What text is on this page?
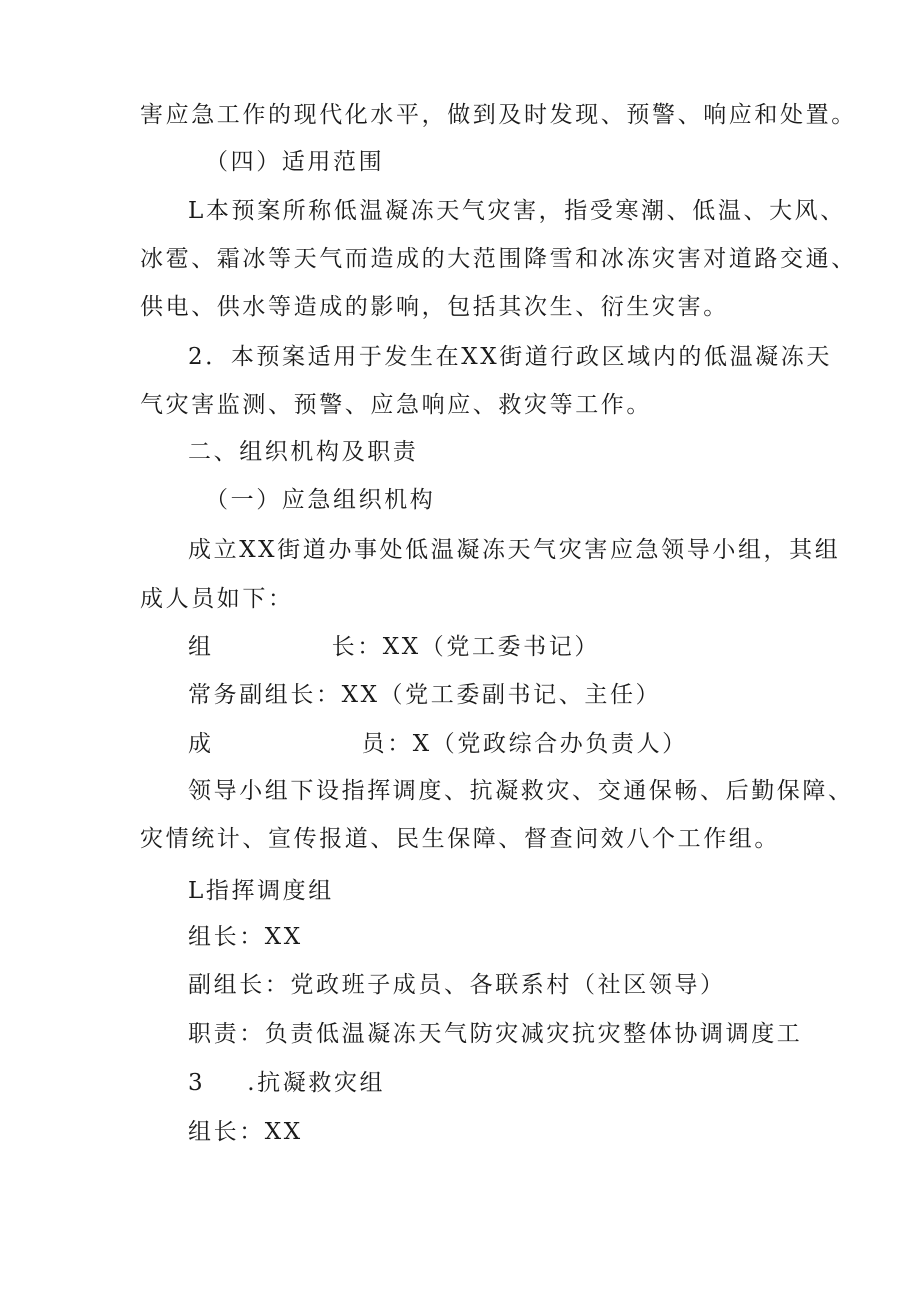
害应急工作的现代化水平，做到及时发现、预警、响应和处置。
（四）适用范围
L本预案所称低温凝冻天气灾害，指受寒潮、低温、大风、
冰雹、霜冰等天气而造成的大范围降雪和冰冻灾害对道路交通、
供电、供水等造成的影响，包括其次生、衍生灾害。
2．本预案适用于发生在XX街道行政区域内的低温凝冻天
气灾害监测、预警、应急响应、救灾等工作。
二、组织机构及职责
（一）应急组织机构
成立XX街道办事处低温凝冻天气灾害应急领导小组，其组
成人员如下：
组	长：XX（党工委书记）
常务副组长：XX（党工委副书记、主任）
成	员：X（党政综合办负责人）
领导小组下设指挥调度、抗凝救灾、交通保畅、后勤保障、
灾情统计、宣传报道、民生保障、督查问效八个工作组。
L指挥调度组
组长：XX
副组长：党政班子成员、各联系村（社区领导）
职责：负责低温凝冻天气防灾减灾抗灾整体协调调度工
3 .抗凝救灾组
组长：XX
